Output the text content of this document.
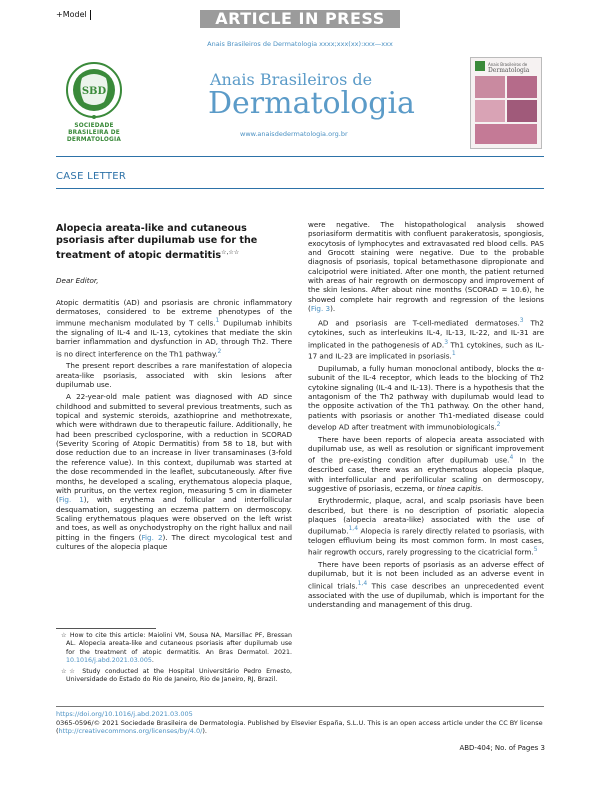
+Model	ARTICLE IN PRESS
Anais Brasileiros de Dermatologia xxxx;xxx(xx):xxx—xxx
SBD
SOCIEDADE BRASILEIRA DE DERMATOLOGIA
Anais Brasileiros de
Dermatologia
www.anaisdedermatologia.org.br
Anais Brasileiros de
Dermatologia
CASE LETTER
Alopecia areata-like and cutaneous psoriasis after dupilumab use for the treatment of atopic dermatitis☆,☆☆
Dear Editor,

Atopic dermatitis (AD) and psoriasis are chronic inflammatory dermatoses, considered to be extreme phenotypes of the immune mechanism modulated by T cells.$^1$ Dupilumab inhibits the signaling of IL-4 and IL-13, cytokines that mediate the skin barrier inflammation and dysfunction in AD, through Th2. There is no direct interference on the Th1 pathway.$^2$

The present report describes a rare manifestation of alopecia areata-like psoriasis, associated with skin lesions after dupilumab use.

A 22-year-old male patient was diagnosed with AD since childhood and submitted to several previous treatments, such as topical and systemic steroids, azathioprine and methotrexate, which were withdrawn due to therapeutic failure. Additionally, he had been prescribed cyclosporine, with a reduction in SCORAD (Severity Scoring of Atopic Dermatitis) from 58 to 18, but with dose reduction due to an increase in liver transaminases (3-fold the reference value). In this context, dupilumab was started at the dose recommended in the leaflet, subcutaneously. After five months, he developed a scaling, erythematous alopecia plaque, with pruritus, on the vertex region, measuring 5 cm in diameter (Fig. 1), with erythema and follicular and interfollicular desquamation, suggesting an eczema pattern on dermoscopy. Scaling erythematous plaques were observed on the left wrist and toes, as well as onychodystrophy on the right hallux and nail pitting in the fingers (Fig. 2). The direct mycological test and cultures of the alopecia plaque

were negative. The histopathological analysis showed psoriasiform dermatitis with confluent parakeratosis, spongiosis, exocytosis of lymphocytes and extravasated red blood cells. PAS and Grocott staining were negative. Due to the probable diagnosis of psoriasis, topical betamethasone dipropionate and calcipotriol were initiated. After one month, the patient returned with areas of hair regrowth on dermoscopy and improvement of the skin lesions. After about nine months (SCORAD = 10.6), he showed complete hair regrowth and regression of the lesions (Fig. 3).

AD and psoriasis are T-cell-mediated dermatoses.$^3$ Th2 cytokines, such as interleukins IL-4, IL-13, IL-22, and IL-31 are implicated in the pathogenesis of AD.$^3$ Th1 cytokines, such as IL-17 and IL-23 are implicated in psoriasis.$^1$

Dupilumab, a fully human monoclonal antibody, blocks the α-subunit of the IL-4 receptor, which leads to the blocking of Th2 cytokine signaling (IL-4 and IL-13). There is a hypothesis that the antagonism of the Th2 pathway with dupilumab would lead to the opposite activation of the Th1 pathway. On the other hand, patients with psoriasis or another Th1-mediated disease could develop AD after treatment with immunobiologicals.$^2$

There have been reports of alopecia areata associated with dupilumab use, as well as resolution or significant improvement of the pre-existing condition after dupilumab use.$^4$ In the described case, there was an erythematous alopecia plaque, with interfollicular and perifollicular scaling on dermoscopy, suggestive of psoriasis, eczema, or tinea capitis.

Erythrodermic, plaque, acral, and scalp psoriasis have been described, but there is no description of psoriatic alopecia plaques (alopecia areata-like) associated with the use of dupilumab.$^{1,4}$ Alopecia is rarely directly related to psoriasis, with telogen effluvium being its most common form. In most cases, hair regrowth occurs, rarely progressing to the cicatricial form.$^5$

There have been reports of psoriasis as an adverse effect of dupilumab, but it is not been included as an adverse event in clinical trials.$^{1,4}$ This case describes an unprecedented event associated with the use of dupilumab, which is important for the understanding and management of this drug.

☆ How to cite this article: Maiolini VM, Sousa NA, Marsillac PF, Bressan AL. Alopecia areata-like and cutaneous psoriasis after dupilumab use for the treatment of atopic dermatitis. An Bras Dermatol. 2021. 10.1016/j.abd.2021.03.005.
☆☆ Study conducted at the Hospital Universitário Pedro Ernesto, Universidade do Estado do Rio de Janeiro, Rio de Janeiro, RJ, Brazil.
https://doi.org/10.1016/j.abd.2021.03.005
0365-0596/© 2021 Sociedade Brasileira de Dermatologia. Published by Elsevier España, S.L.U. This is an open access article under the CC BY license (http://creativecommons.org/licenses/by/4.0/).
ABD-404; No. of Pages 3
